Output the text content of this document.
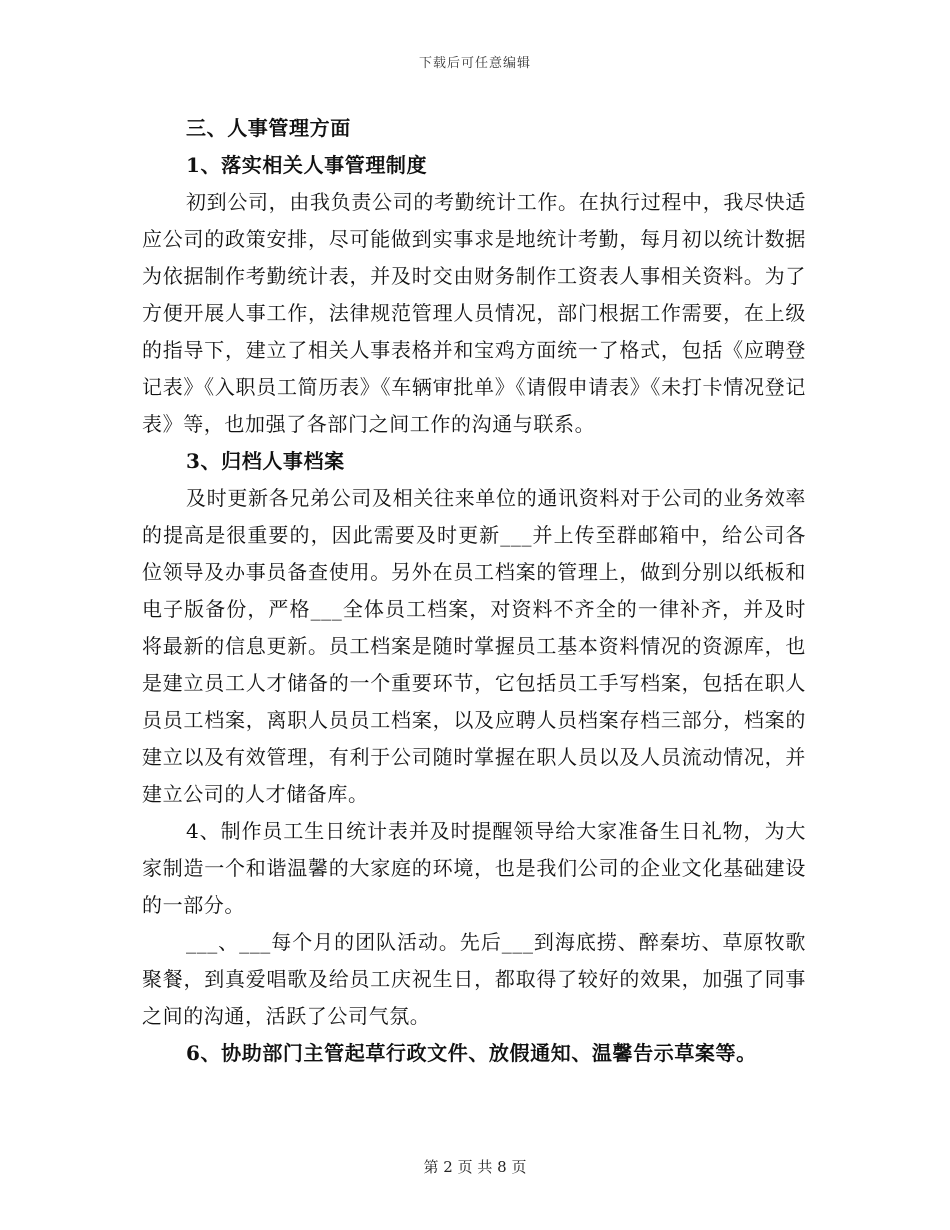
下载后可任意编辑

三、人事管理方面

1、落实相关人事管理制度

初到公司，由我负责公司的考勤统计工作。在执行过程中，我尽快适应公司的政策安排，尽可能做到实事求是地统计考勤，每月初以统计数据为依据制作考勤统计表，并及时交由财务制作工资表人事相关资料。为了方便开展人事工作，法律规范管理人员情况，部门根据工作需要，在上级的指导下，建立了相关人事表格并和宝鸡方面统一了格式，包括《应聘登记表》《入职员工简历表》《车辆审批单》《请假申请表》《未打卡情况登记表》等，也加强了各部门之间工作的沟通与联系。

3、归档人事档案

及时更新各兄弟公司及相关往来单位的通讯资料对于公司的业务效率的提高是很重要的，因此需要及时更新___并上传至群邮箱中，给公司各位领导及办事员备查使用。另外在员工档案的管理上，做到分别以纸板和电子版备份，严格___全体员工档案，对资料不齐全的一律补齐，并及时将最新的信息更新。员工档案是随时掌握员工基本资料情况的资源库，也是建立员工人才储备的一个重要环节，它包括员工手写档案，包括在职人员员工档案，离职人员员工档案，以及应聘人员档案存档三部分，档案的建立以及有效管理，有利于公司随时掌握在职人员以及人员流动情况，并建立公司的人才储备库。

4、制作员工生日统计表并及时提醒领导给大家准备生日礼物，为大家制造一个和谐温馨的大家庭的环境，也是我们公司的企业文化基础建设的一部分。

___、___每个月的团队活动。先后___到海底捞、醉秦坊、草原牧歌聚餐，到真爱唱歌及给员工庆祝生日，都取得了较好的效果，加强了同事之间的沟通，活跃了公司气氛。

6、协助部门主管起草行政文件、放假通知、温馨告示草案等。

第 2 页 共 8 页
